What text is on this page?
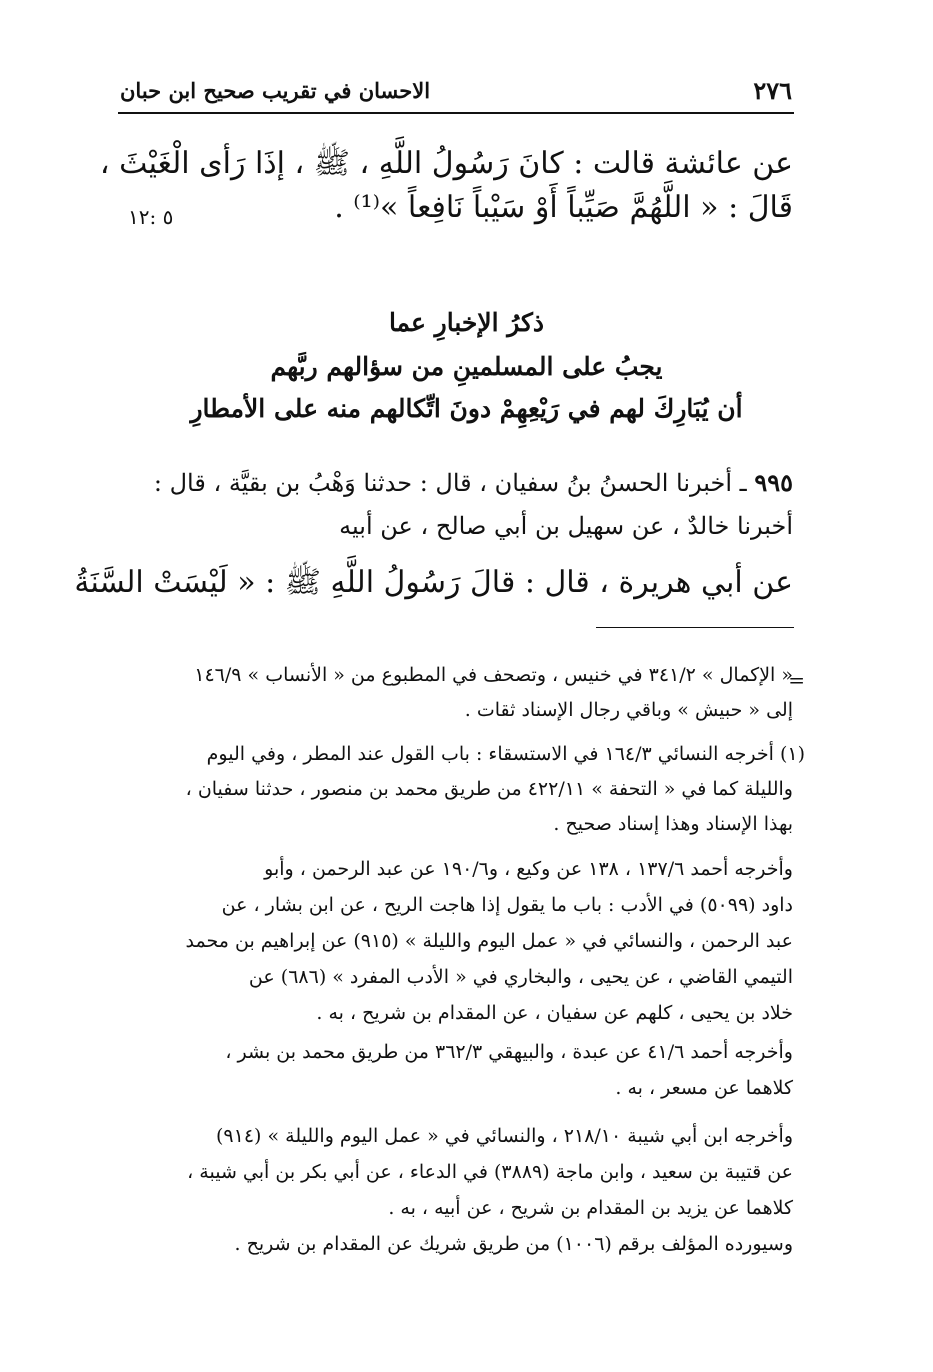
٢٧٦
الاحسان في تقريب صحيح ابن حبان
عن عائشة قالت : كانَ رَسُولُ اللَّهِ ، ﷺ ، إذَا رَأى الْغَيْثَ ،
قَالَ : « اللَّهُمَّ صَيِّباً أَوْ سَيْباً نَافِعاً »⁽¹⁾ .
٥ :١٢
ذكرُ الإخبارِ عما
يجبُ على المسلمينِ من سؤالهم ربَّهم
أن يُبَارِكَ لهم في رَيْعِهِمْ دونَ اتِّكالهم منه على الأمطارِ
٩٩٥ ـ أخبرنا الحسنُ بنُ سفيان ، قال : حدثنا وَهْبُ بن بقيَّة ، قال :
أخبرنا خالدٌ ، عن سهيل بن أبي صالح ، عن أبيه
عن أبي هريرة ، قال : قالَ رَسُولُ اللَّهِ ﷺ : « لَيْسَتْ السَّنَةُ
=
« الإكمال » ٣٤١/٢ في خنيس ، وتصحف في المطبوع من « الأنساب » ١٤٦/٩
إلى « حبيش » وباقي رجال الإسناد ثقات .
(١) أخرجه النسائي ١٦٤/٣ في الاستسقاء : باب القول عند المطر ، وفي اليوم
والليلة كما في « التحفة » ٤٢٢/١١ من طريق محمد بن منصور ، حدثنا سفيان ،
بهذا الإسناد وهذا إسناد صحيح .
وأخرجه أحمد ١٣٧/٦ ، ١٣٨ عن وكيع ، و١٩٠/٦ عن عبد الرحمن ، وأبو
داود (٥٠٩٩) في الأدب : باب ما يقول إذا هاجت الريح ، عن ابن بشار ، عن
عبد الرحمن ، والنسائي في « عمل اليوم والليلة » (٩١٥) عن إبراهيم بن محمد
التيمي القاضي ، عن يحيى ، والبخاري في « الأدب المفرد » (٦٨٦) عن
خلاد بن يحيى ، كلهم عن سفيان ، عن المقدام بن شريح ، به .
وأخرجه أحمد ٤١/٦ عن عبدة ، والبيهقي ٣٦٢/٣ من طريق محمد بن بشر ،
كلاهما عن مسعر ، به .
وأخرجه ابن أبي شيبة ٢١٨/١٠ ، والنسائي في « عمل اليوم والليلة » (٩١٤)
عن قتيبة بن سعيد ، وابن ماجة (٣٨٨٩) في الدعاء ، عن أبي بكر بن أبي شيبة ،
كلاهما عن يزيد بن المقدام بن شريح ، عن أبيه ، به .
وسيورده المؤلف برقم (١٠٠٦) من طريق شريك عن المقدام بن شريح .
